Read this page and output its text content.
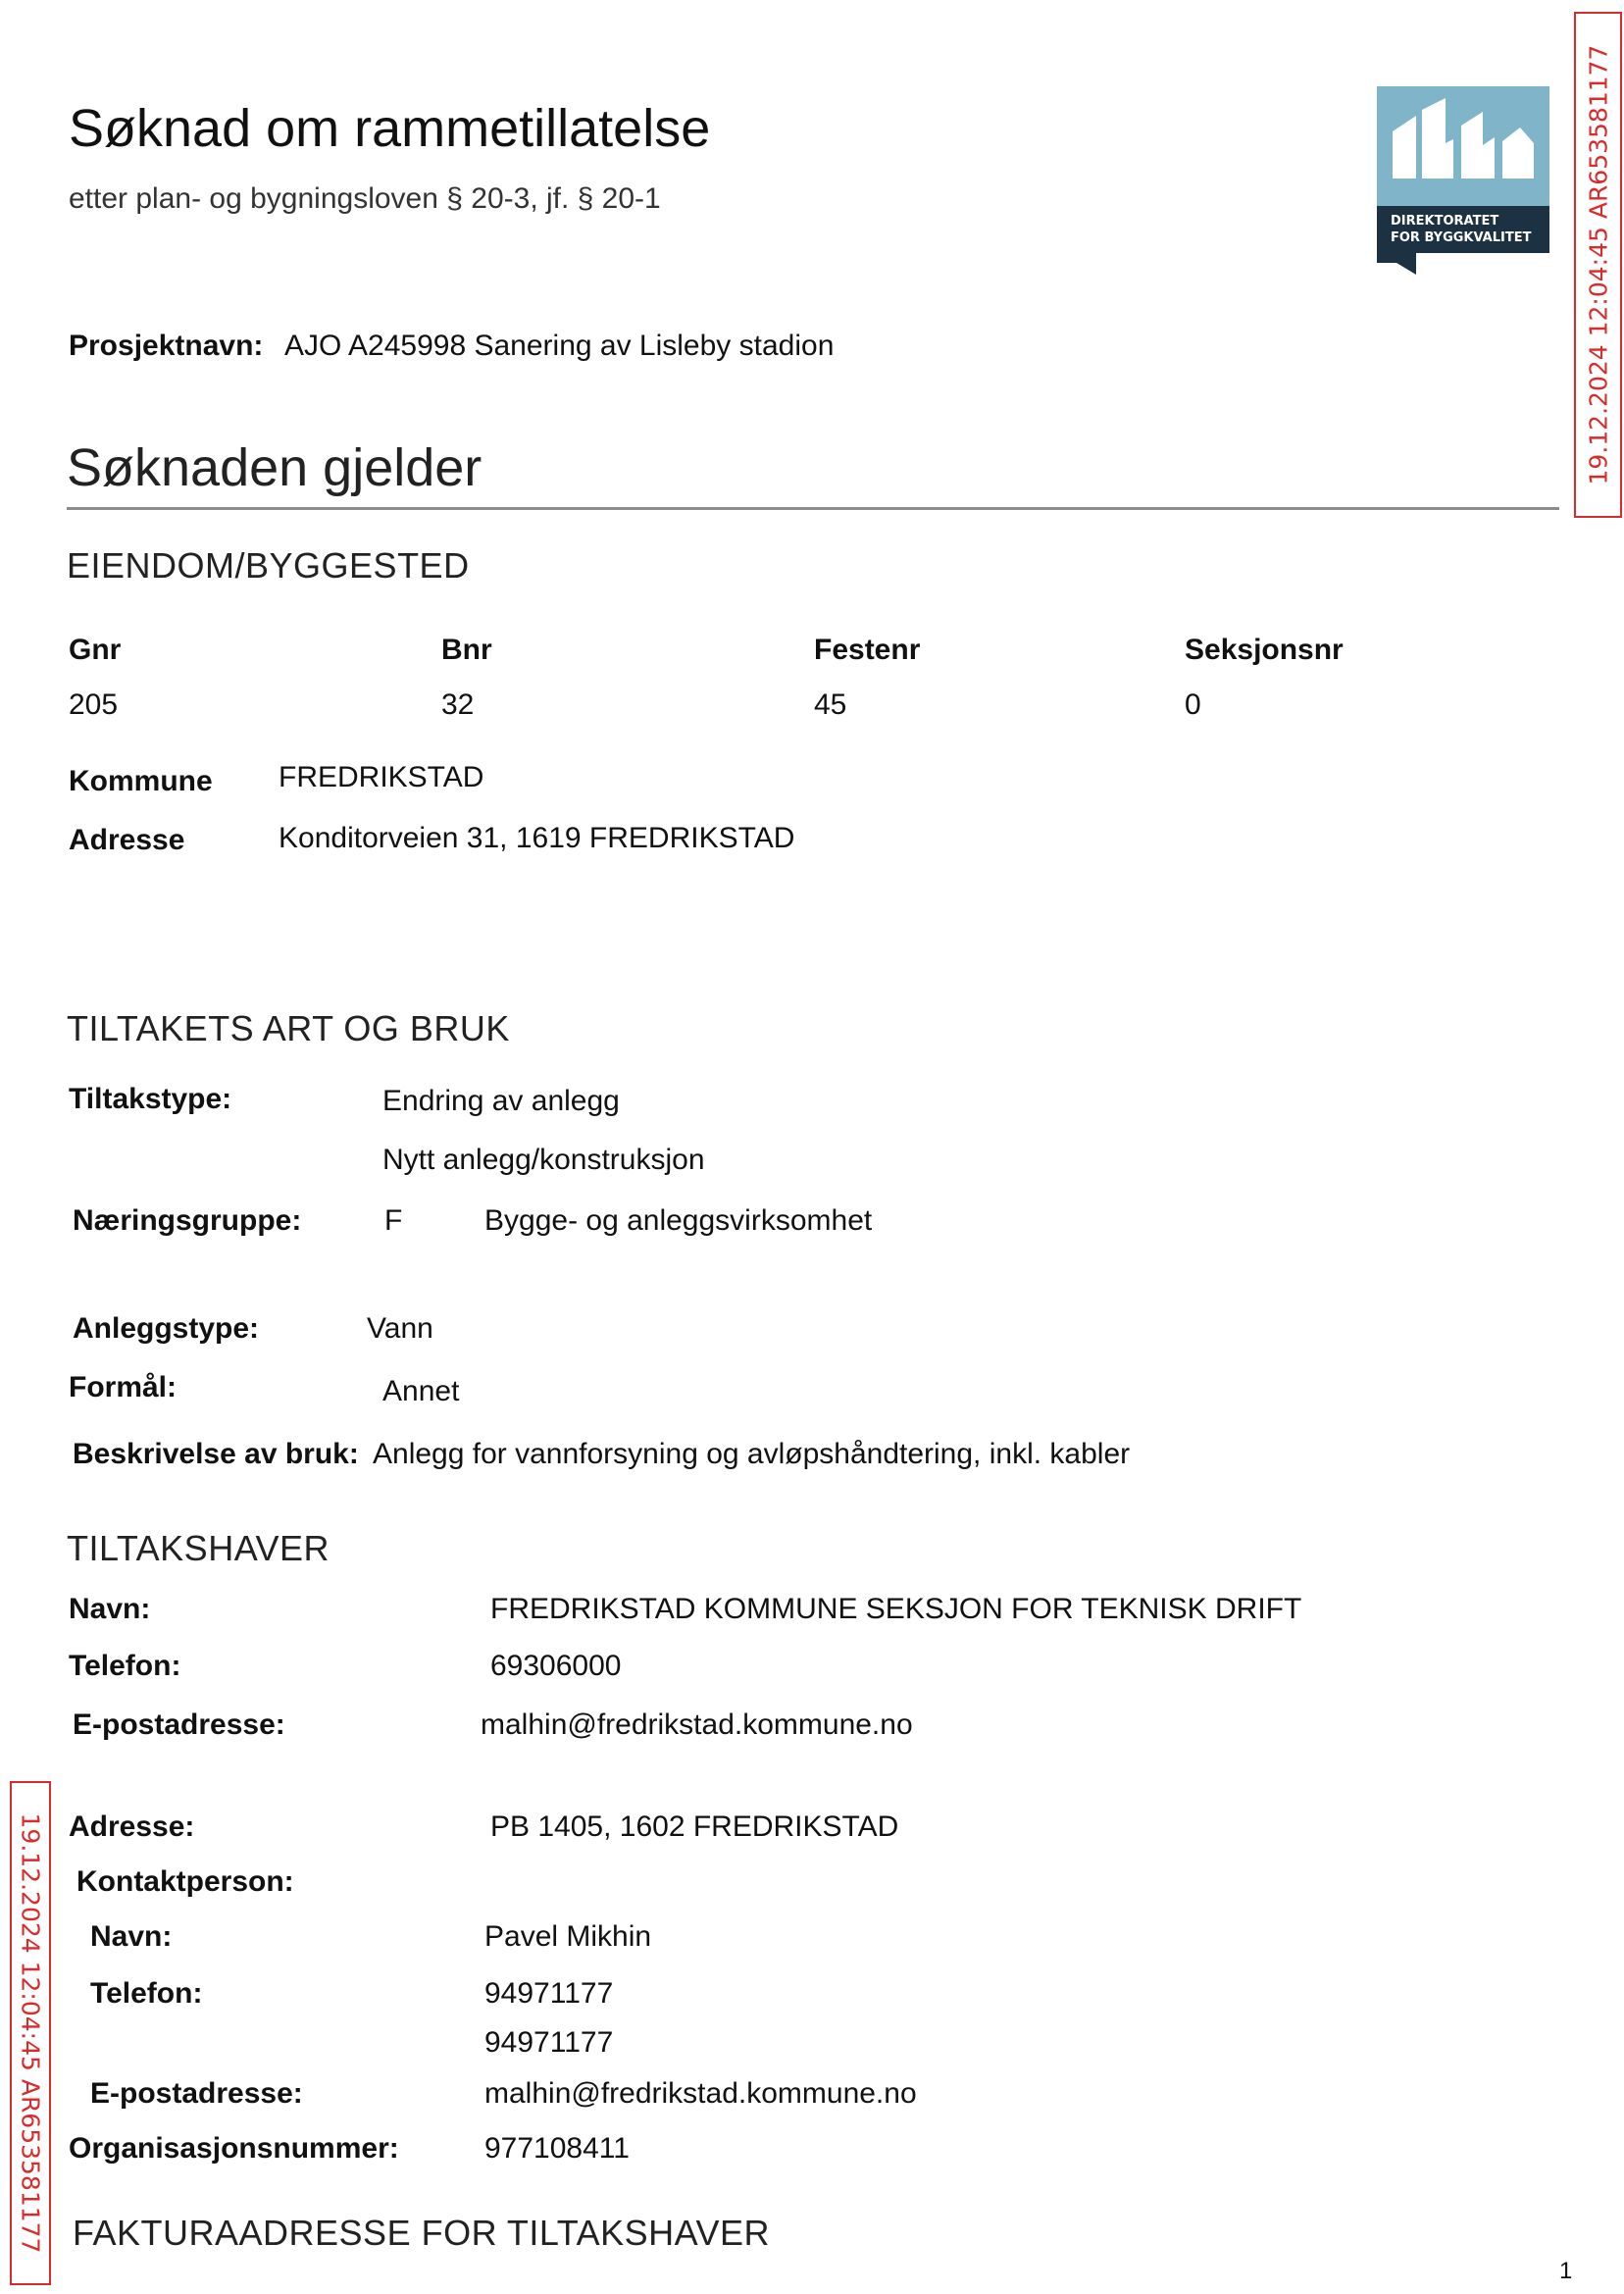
Søknad om rammetillatelse
etter plan- og bygningsloven § 20-3, jf. § 20-1
DIREKTORATET
FOR BYGGKVALITET
Prosjektnavn: AJO A245998 Sanering av Lisleby stadion
Søknaden gjelder
EIENDOM/BYGGESTED
Gnr	Bnr	Festenr	Seksjonsnr
205	32	45	0
Kommune FREDRIKSTAD
Adresse	Konditorveien 31, 1619 FREDRIKSTAD
TILTAKETS ART OG BRUK
Tiltakstype:	Endring av anlegg
Nytt anlegg/konstruksjon
Næringsgruppe:	F	Bygge- og anleggsvirksomhet
Anleggstype:	Vann
Formål:	Annet
Beskrivelse av bruk: Anlegg for vannforsyning og avløpshåndtering, inkl. kabler
TILTAKSHAVER
Navn:	FREDRIKSTAD KOMMUNE SEKSJON FOR TEKNISK DRIFT
Telefon:	69306000
E-postadresse:	malhin@fredrikstad.kommune.no
Adresse:	PB 1405, 1602 FREDRIKSTAD
Kontaktperson:
Navn:	Pavel Mikhin
Telefon:	94971177
94971177
E-postadresse:	malhin@fredrikstad.kommune.no
Organisasjonsnummer:	977108411
FAKTURAADRESSE FOR TILTAKSHAVER
19.12.2024 12:04:45 AR653581177
19.12.2024 12:04:45 AR653581177
1
